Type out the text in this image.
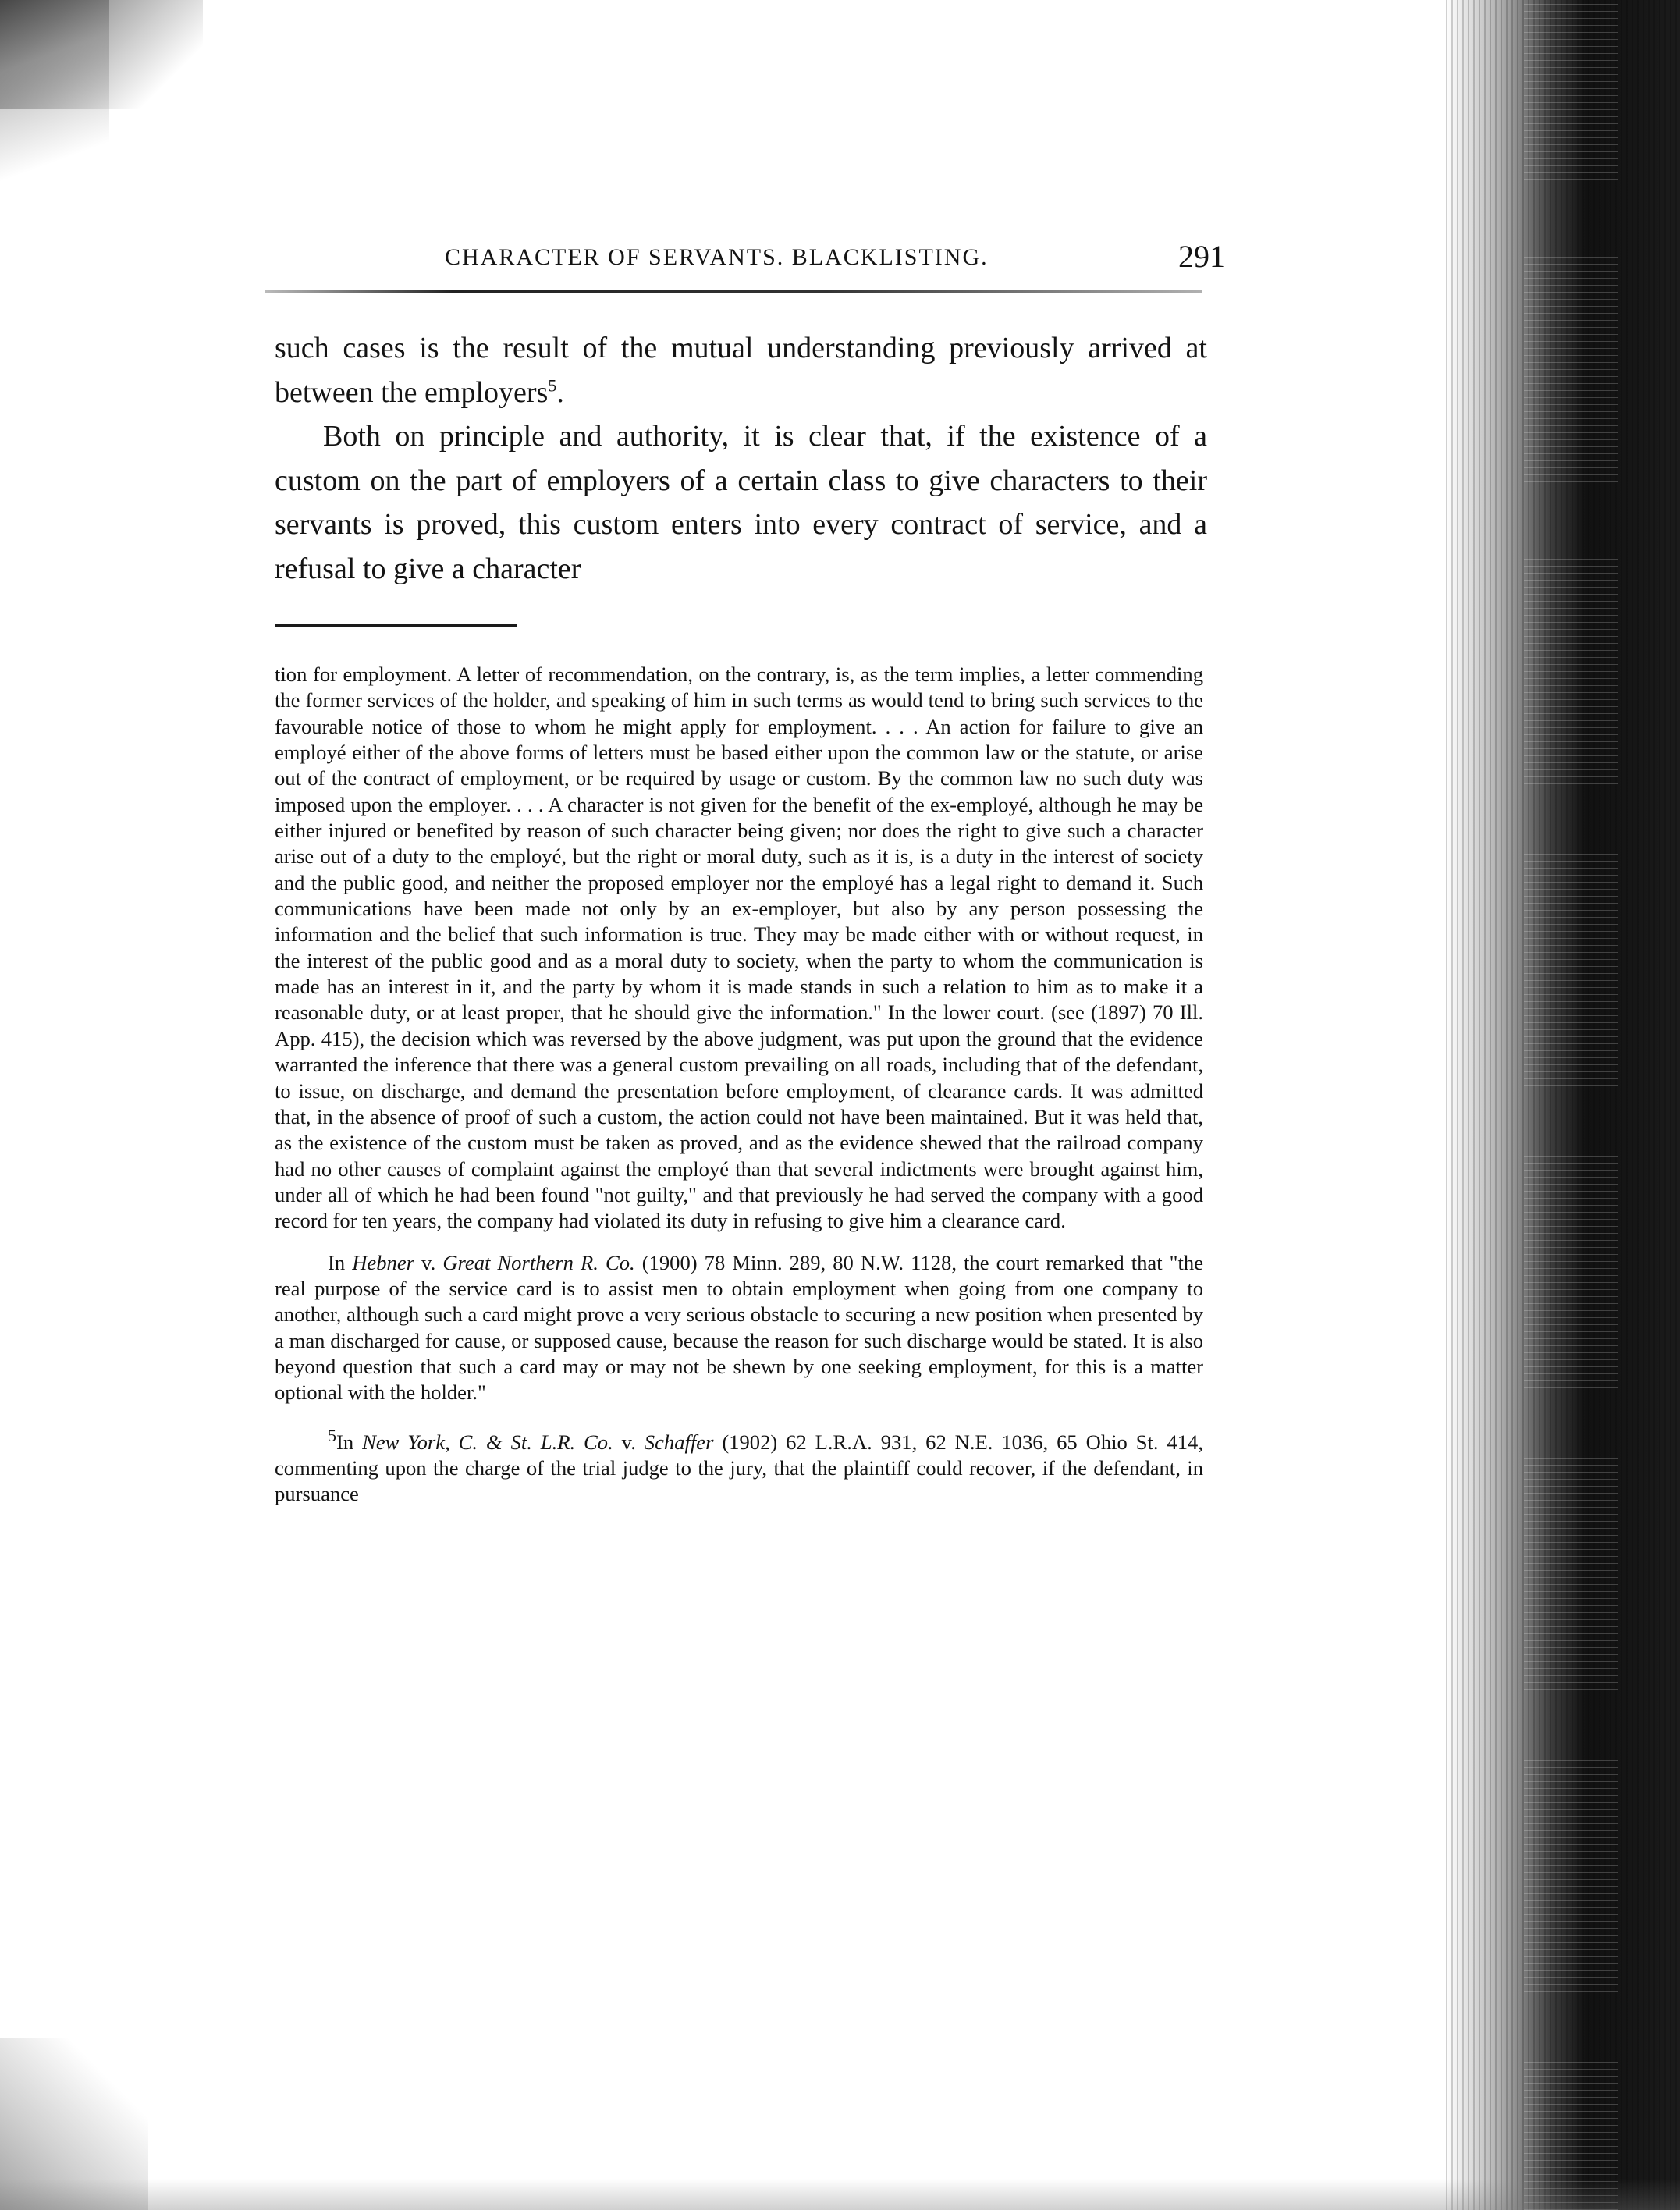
CHARACTER OF SERVANTS. BLACKLISTING.	291

such cases is the result of the mutual understanding previously arrived at between the employers$^5$.

Both on principle and authority, it is clear that, if the existence of a custom on the part of employers of a certain class to give characters to their servants is proved, this custom enters into every contract of service, and a refusal to give a character

tion for employment. A letter of recommendation, on the contrary, is, as the term implies, a letter commending the former services of the holder, and speaking of him in such terms as would tend to bring such services to the favourable notice of those to whom he might apply for employment. . . . An action for failure to give an employé either of the above forms of letters must be based either upon the common law or the statute, or arise out of the contract of employment, or be required by usage or custom. By the common law no such duty was imposed upon the employer. . . . A character is not given for the benefit of the ex-employé, although he may be either injured or benefited by reason of such character being given; nor does the right to give such a character arise out of a duty to the employé, but the right or moral duty, such as it is, is a duty in the interest of society and the public good, and neither the proposed employer nor the employé has a legal right to demand it. Such communications have been made not only by an ex-employer, but also by any person possessing the information and the belief that such information is true. They may be made either with or without request, in the interest of the public good and as a moral duty to society, when the party to whom the communication is made has an interest in it, and the party by whom it is made stands in such a relation to him as to make it a reasonable duty, or at least proper, that he should give the information." In the lower court. (see (1897) 70 Ill. App. 415), the decision which was reversed by the above judgment, was put upon the ground that the evidence warranted the inference that there was a general custom prevailing on all roads, including that of the defendant, to issue, on discharge, and demand the presentation before employment, of clearance cards. It was admitted that, in the absence of proof of such a custom, the action could not have been maintained. But it was held that, as the existence of the custom must be taken as proved, and as the evidence shewed that the railroad company had no other causes of complaint against the employé than that several indictments were brought against him, under all of which he had been found "not guilty," and that previously he had served the company with a good record for ten years, the company had violated its duty in refusing to give him a clearance card.

In Hebner v. Great Northern R. Co. (1900) 78 Minn. 289, 80 N.W. 1128, the court remarked that "the real purpose of the service card is to assist men to obtain employment when going from one company to another, although such a card might prove a very serious obstacle to securing a new position when presented by a man discharged for cause, or supposed cause, because the reason for such discharge would be stated. It is also beyond question that such a card may or may not be shewn by one seeking employment, for this is a matter optional with the holder."

$^5$In New York, C. & St. L.R. Co. v. Schaffer (1902) 62 L.R.A. 931, 62 N.E. 1036, 65 Ohio St. 414, commenting upon the charge of the trial judge to the jury, that the plaintiff could recover, if the defendant, in pursuance
